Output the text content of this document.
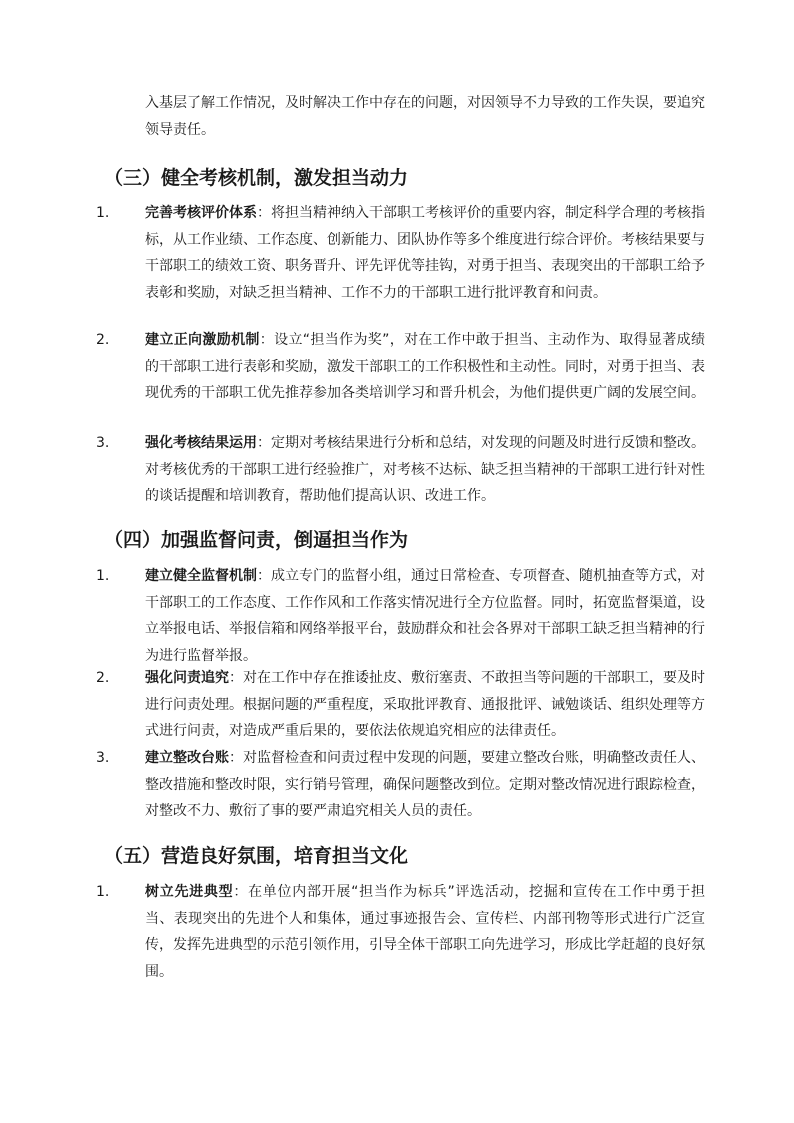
入基层了解工作情况，及时解决工作中存在的问题，对因领导不力导致的工作失误，要追究领导责任。

（三）健全考核机制，激发担当动力
1.	完善考核评价体系：将担当精神纳入干部职工考核评价的重要内容，制定科学合理的考核指标，从工作业绩、工作态度、创新能力、团队协作等多个维度进行综合评价。考核结果要与干部职工的绩效工资、职务晋升、评先评优等挂钩，对勇于担当、表现突出的干部职工给予表彰和奖励，对缺乏担当精神、工作不力的干部职工进行批评教育和问责。
2.	建立正向激励机制：设立“担当作为奖”，对在工作中敢于担当、主动作为、取得显著成绩的干部职工进行表彰和奖励，激发干部职工的工作积极性和主动性。同时，对勇于担当、表现优秀的干部职工优先推荐参加各类培训学习和晋升机会，为他们提供更广阔的发展空间。
3.	强化考核结果运用：定期对考核结果进行分析和总结，对发现的问题及时进行反馈和整改。对考核优秀的干部职工进行经验推广，对考核不达标、缺乏担当精神的干部职工进行针对性的谈话提醒和培训教育，帮助他们提高认识、改进工作。
（四）加强监督问责，倒逼担当作为
1.	建立健全监督机制：成立专门的监督小组，通过日常检查、专项督查、随机抽查等方式，对干部职工的工作态度、工作作风和工作落实情况进行全方位监督。同时，拓宽监督渠道，设立举报电话、举报信箱和网络举报平台，鼓励群众和社会各界对干部职工缺乏担当精神的行为进行监督举报。
2.	强化问责追究：对在工作中存在推诿扯皮、敷衍塞责、不敢担当等问题的干部职工，要及时进行问责处理。根据问题的严重程度，采取批评教育、通报批评、诫勉谈话、组织处理等方式进行问责，对造成严重后果的，要依法依规追究相应的法律责任。
3.	建立整改台账：对监督检查和问责过程中发现的问题，要建立整改台账，明确整改责任人、整改措施和整改时限，实行销号管理，确保问题整改到位。定期对整改情况进行跟踪检查，对整改不力、敷衍了事的要严肃追究相关人员的责任。
（五）营造良好氛围，培育担当文化
1.	树立先进典型：在单位内部开展“担当作为标兵”评选活动，挖掘和宣传在工作中勇于担当、表现突出的先进个人和集体，通过事迹报告会、宣传栏、内部刊物等形式进行广泛宣传，发挥先进典型的示范引领作用，引导全体干部职工向先进学习，形成比学赶超的良好氛围。
